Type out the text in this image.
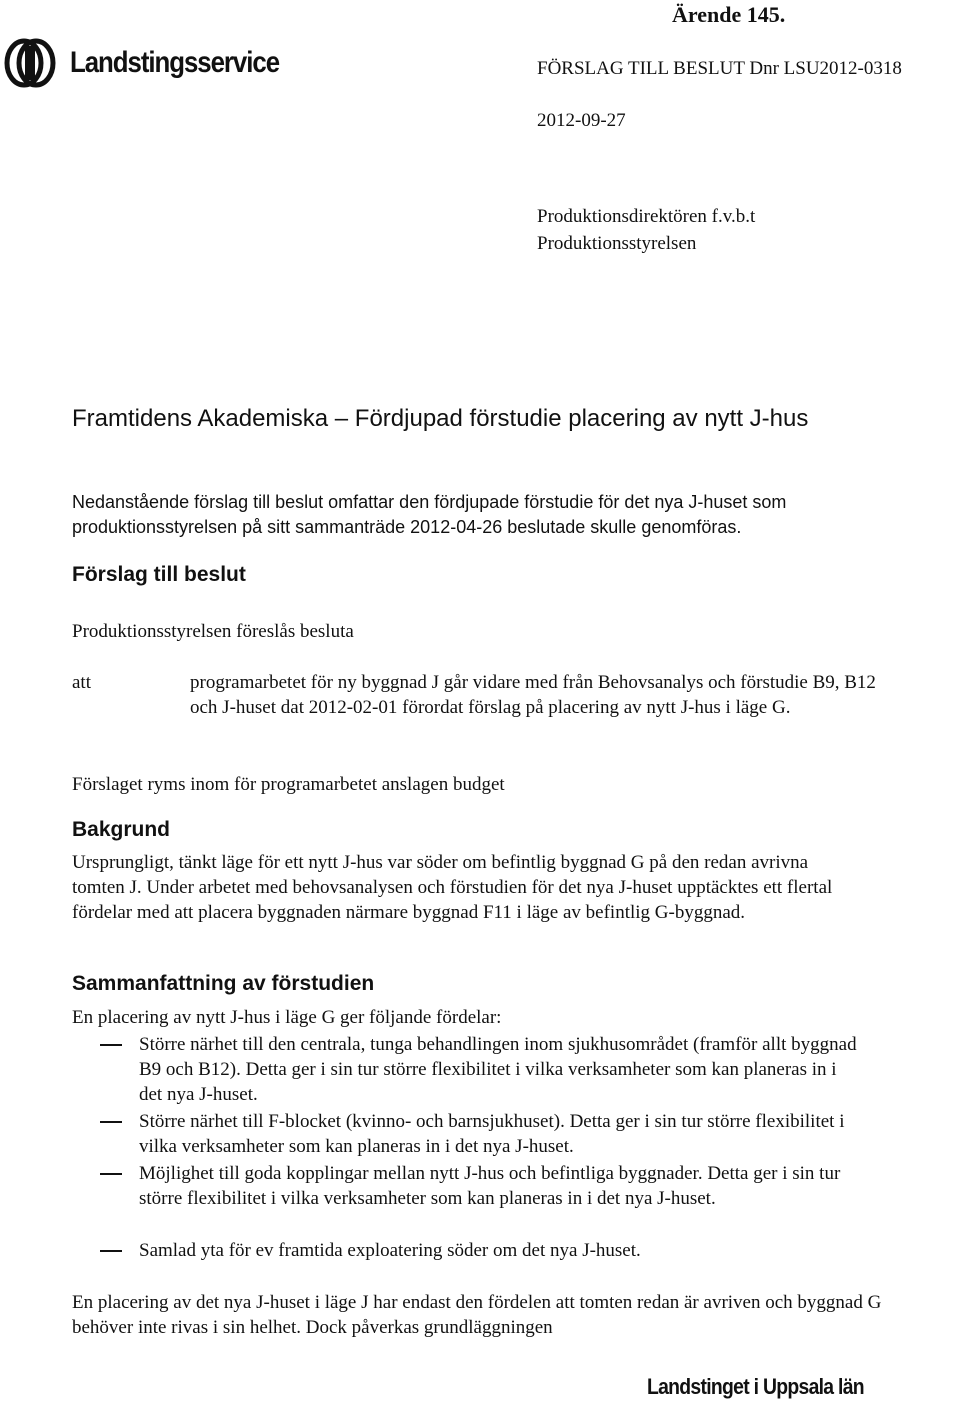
Ärende 145.
FÖRSLAG TILL BESLUT Dnr LSU2012-0318
2012-09-27
Produktionsdirektören f.v.b.t
Produktionsstyrelsen
Landstingsservice
Framtidens Akademiska – Fördjupad förstudie placering av nytt J-hus
Nedanstående förslag till beslut omfattar den fördjupade förstudie för det nya J-huset som produktionsstyrelsen på sitt sammanträde 2012-04-26 beslutade skulle genomföras.
Förslag till beslut
Produktionsstyrelsen föreslås besluta
att	programarbetet för ny byggnad J går vidare med från Behovsanalys och förstudie B9, B12 och J-huset dat 2012-02-01 förordat förslag på placering av nytt J-hus i läge G.
Förslaget ryms inom för programarbetet anslagen budget
Bakgrund
Ursprungligt, tänkt läge för ett nytt J-hus var söder om befintlig byggnad G på den redan avrivna tomten J. Under arbetet med behovsanalysen och förstudien för det nya J-huset upptäcktes ett flertal fördelar med att placera byggnaden närmare byggnad F11 i läge av befintlig G-byggnad.
Sammanfattning av förstudien
En placering av nytt J-hus i läge G ger följande fördelar:
Större närhet till den centrala, tunga behandlingen inom sjukhusområdet (framför allt byggnad B9 och B12). Detta ger i sin tur större flexibilitet i vilka verksamheter som kan planeras in i det nya J-huset.
Större närhet till F-blocket (kvinno- och barnsjukhuset). Detta ger i sin tur större flexibilitet i vilka verksamheter som kan planeras in i det nya J-huset.
Möjlighet till goda kopplingar mellan nytt J-hus och befintliga byggnader. Detta ger i sin tur större flexibilitet i vilka verksamheter som kan planeras in i det nya J-huset.
Samlad yta för ev framtida exploatering söder om det nya J-huset.
En placering av det nya J-huset i läge J har endast den fördelen att tomten redan är avriven och byggnad G behöver inte rivas i sin helhet. Dock påverkas grundläggningen
Landstinget i Uppsala län
